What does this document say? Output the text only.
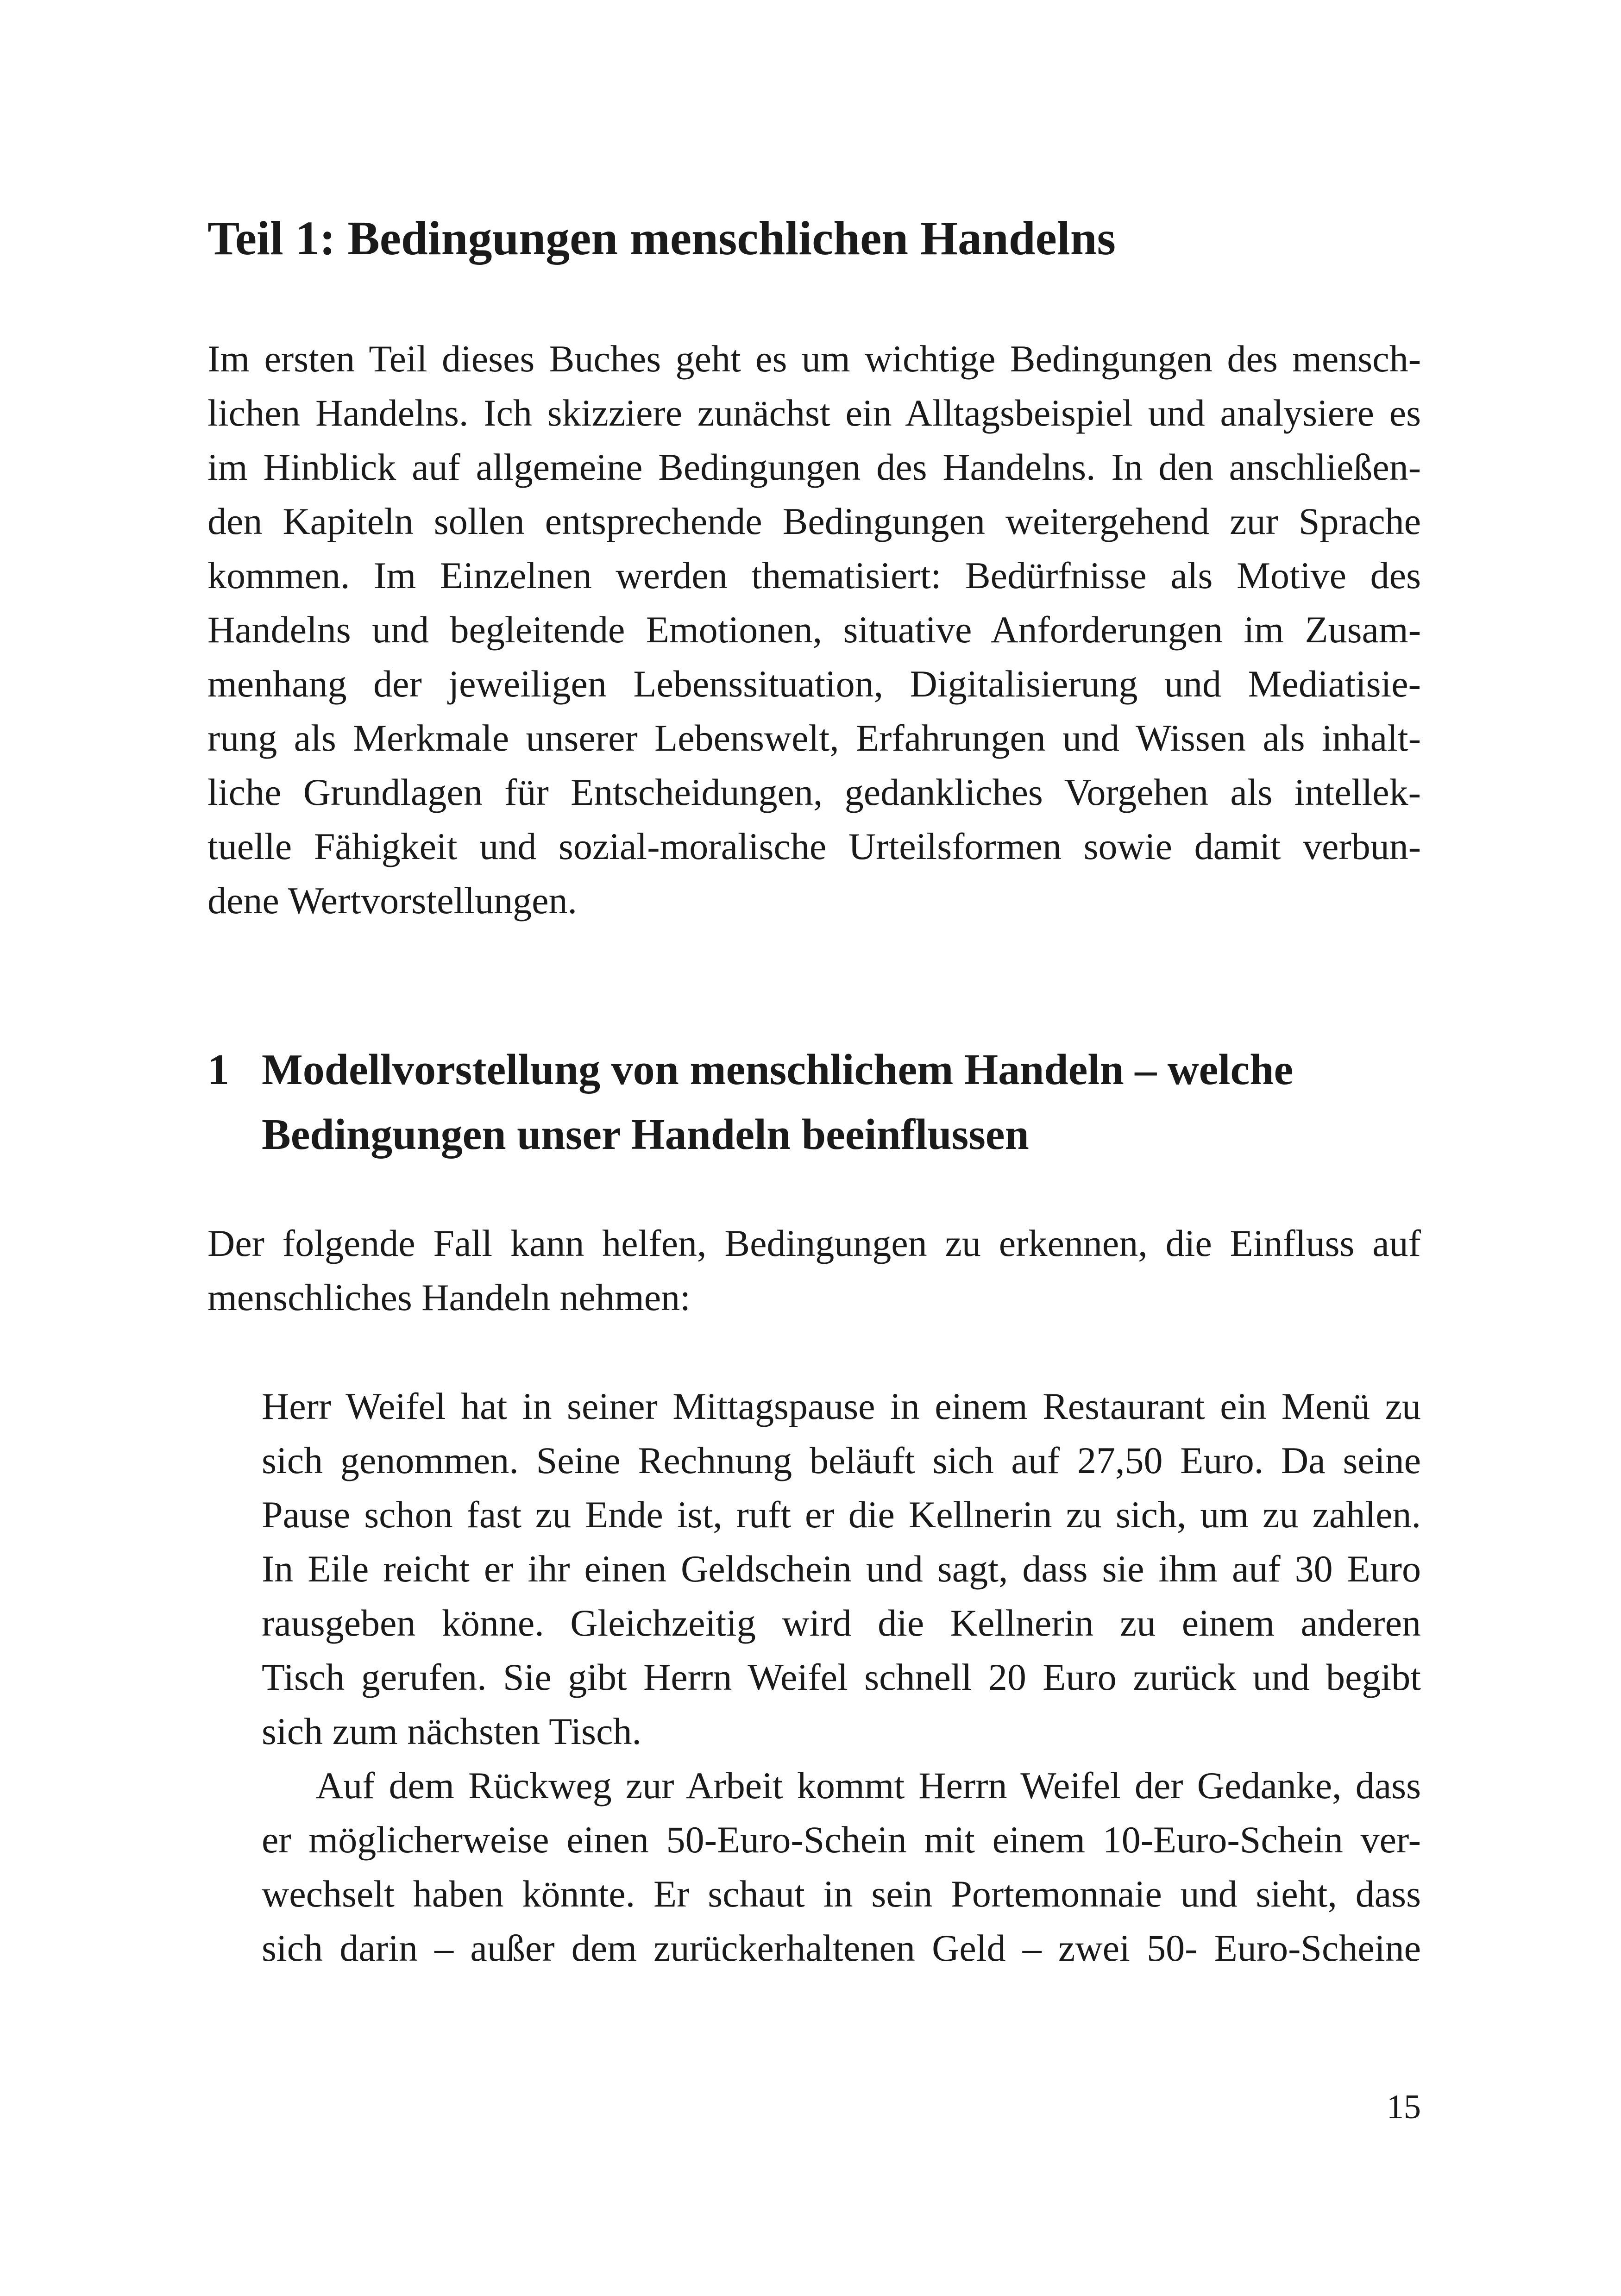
Teil 1: Bedingungen menschlichen Handelns

Im ersten Teil dieses Buches geht es um wichtige Bedingungen des mensch-

lichen Handelns. Ich skizziere zunächst ein Alltagsbeispiel und analysiere es

im Hinblick auf allgemeine Bedingungen des Handelns. In den anschließen-

den Kapiteln sollen entsprechende Bedingungen weitergehend zur Sprache

kommen. Im Einzelnen werden thematisiert: Bedürfnisse als Motive des

Handelns und begleitende Emotionen, situative Anforderungen im Zusam-

menhang der jeweiligen Lebenssituation, Digitalisierung und Mediatisie-

rung als Merkmale unserer Lebenswelt, Erfahrungen und Wissen als inhalt-

liche Grundlagen für Entscheidungen, gedankliches Vorgehen als intellek-

tuelle Fähigkeit und sozial-moralische Urteilsformen sowie damit verbun-

dene Wertvorstellungen.

1 Modellvorstellung von menschlichem Handeln – welche

Bedingungen unser Handeln beeinflussen

Der folgende Fall kann helfen, Bedingungen zu erkennen, die Einfluss auf

menschliches Handeln nehmen:

Herr Weifel hat in seiner Mittagspause in einem Restaurant ein Menü zu

sich genommen. Seine Rechnung beläuft sich auf 27,50 Euro. Da seine

Pause schon fast zu Ende ist, ruft er die Kellnerin zu sich, um zu zahlen.

In Eile reicht er ihr einen Geldschein und sagt, dass sie ihm auf 30 Euro

rausgeben könne. Gleichzeitig wird die Kellnerin zu einem anderen

Tisch gerufen. Sie gibt Herrn Weifel schnell 20 Euro zurück und begibt

sich zum nächsten Tisch.

Auf dem Rückweg zur Arbeit kommt Herrn Weifel der Gedanke, dass

er möglicherweise einen 50-Euro-Schein mit einem 10-Euro-Schein ver-

wechselt haben könnte. Er schaut in sein Portemonnaie und sieht, dass

sich darin – außer dem zurückerhaltenen Geld – zwei 50- Euro-Scheine

15
